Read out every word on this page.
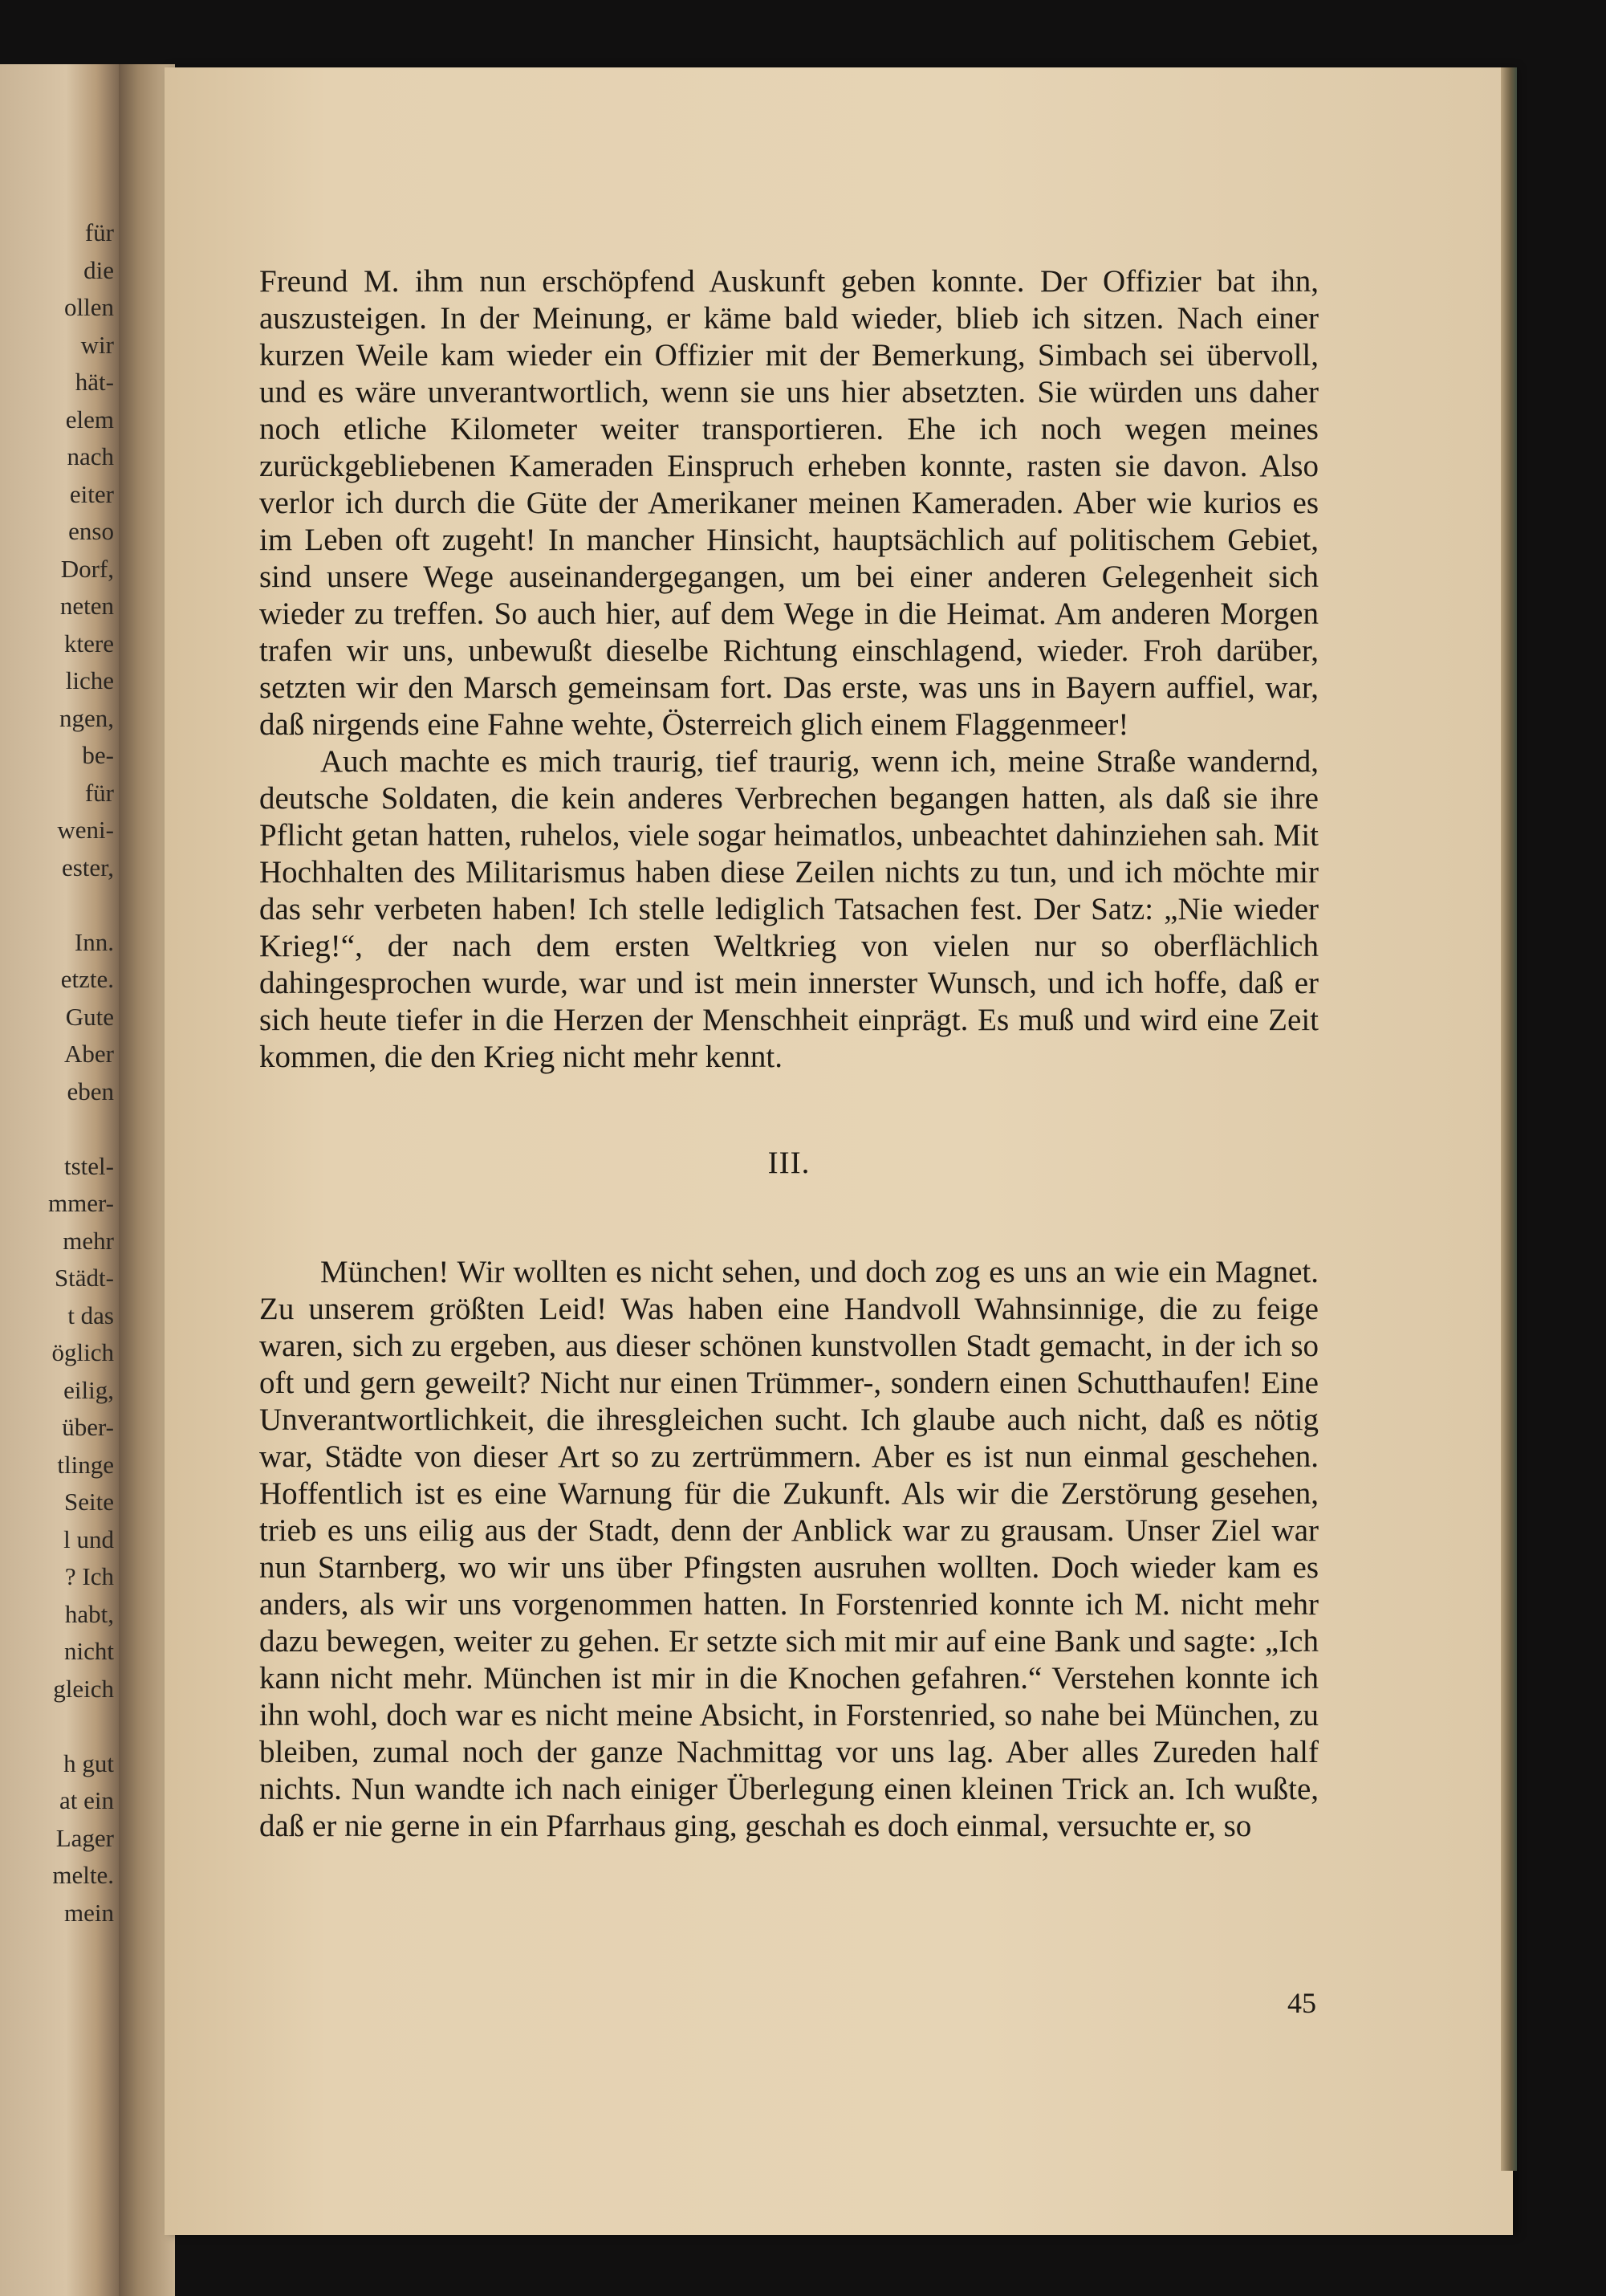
für
die
ollen
wir
hät-
elem
nach
eiter
enso
Dorf,
neten
ktere
liche
ngen,
be-
für
weni-
ester,
Inn.
etzte.
Gute
Aber
eben
tstel-
mmer-
mehr
Städt-
t das
öglich
eilig,
über-
tlinge
Seite
l und
? Ich
habt,
nicht
gleich
h gut
at ein
Lager
melte.
mein

Freund M. ihm nun erschöpfend Auskunft geben konnte. Der Offizier bat ihn, auszusteigen. In der Meinung, er käme bald wieder, blieb ich sitzen. Nach einer kurzen Weile kam wieder ein Offizier mit der Bemerkung, Simbach sei übervoll, und es wäre unverantwortlich, wenn sie uns hier absetzten. Sie würden uns daher noch etliche Kilometer weiter transportieren. Ehe ich noch wegen meines zurückgebliebenen Kameraden Einspruch erheben konnte, rasten sie davon. Also verlor ich durch die Güte der Amerikaner meinen Kameraden. Aber wie kurios es im Leben oft zugeht! In mancher Hinsicht, hauptsächlich auf politischem Gebiet, sind unsere Wege auseinandergegangen, um bei einer anderen Gelegenheit sich wieder zu treffen. So auch hier, auf dem Wege in die Heimat. Am anderen Morgen trafen wir uns, unbewußt dieselbe Richtung einschlagend, wieder. Froh darüber, setzten wir den Marsch gemeinsam fort. Das erste, was uns in Bayern auffiel, war, daß nirgends eine Fahne wehte, Österreich glich einem Flaggenmeer!

Auch machte es mich traurig, tief traurig, wenn ich, meine Straße wandernd, deutsche Soldaten, die kein anderes Verbrechen begangen hatten, als daß sie ihre Pflicht getan hatten, ruhelos, viele sogar heimatlos, unbeachtet dahinziehen sah. Mit Hochhalten des Militarismus haben diese Zeilen nichts zu tun, und ich möchte mir das sehr verbeten haben! Ich stelle lediglich Tatsachen fest. Der Satz: „Nie wieder Krieg!“, der nach dem ersten Weltkrieg von vielen nur so oberflächlich dahingesprochen wurde, war und ist mein innerster Wunsch, und ich hoffe, daß er sich heute tiefer in die Herzen der Menschheit einprägt. Es muß und wird eine Zeit kommen, die den Krieg nicht mehr kennt.

III.

München! Wir wollten es nicht sehen, und doch zog es uns an wie ein Magnet. Zu unserem größten Leid! Was haben eine Handvoll Wahnsinnige, die zu feige waren, sich zu ergeben, aus dieser schönen kunstvollen Stadt gemacht, in der ich so oft und gern geweilt? Nicht nur einen Trümmer-, sondern einen Schutthaufen! Eine Unverantwortlichkeit, die ihresgleichen sucht. Ich glaube auch nicht, daß es nötig war, Städte von dieser Art so zu zertrümmern. Aber es ist nun einmal geschehen. Hoffentlich ist es eine Warnung für die Zukunft. Als wir die Zerstörung gesehen, trieb es uns eilig aus der Stadt, denn der Anblick war zu grausam. Unser Ziel war nun Starnberg, wo wir uns über Pfingsten ausruhen wollten. Doch wieder kam es anders, als wir uns vorgenommen hatten. In Forstenried konnte ich M. nicht mehr dazu bewegen, weiter zu gehen. Er setzte sich mit mir auf eine Bank und sagte: „Ich kann nicht mehr. München ist mir in die Knochen gefahren.“ Verstehen konnte ich ihn wohl, doch war es nicht meine Absicht, in Forstenried, so nahe bei München, zu bleiben, zumal noch der ganze Nachmittag vor uns lag. Aber alles Zureden half nichts. Nun wandte ich nach einiger Überlegung einen kleinen Trick an. Ich wußte, daß er nie gerne in ein Pfarrhaus ging, geschah es doch einmal, versuchte er, so

45
